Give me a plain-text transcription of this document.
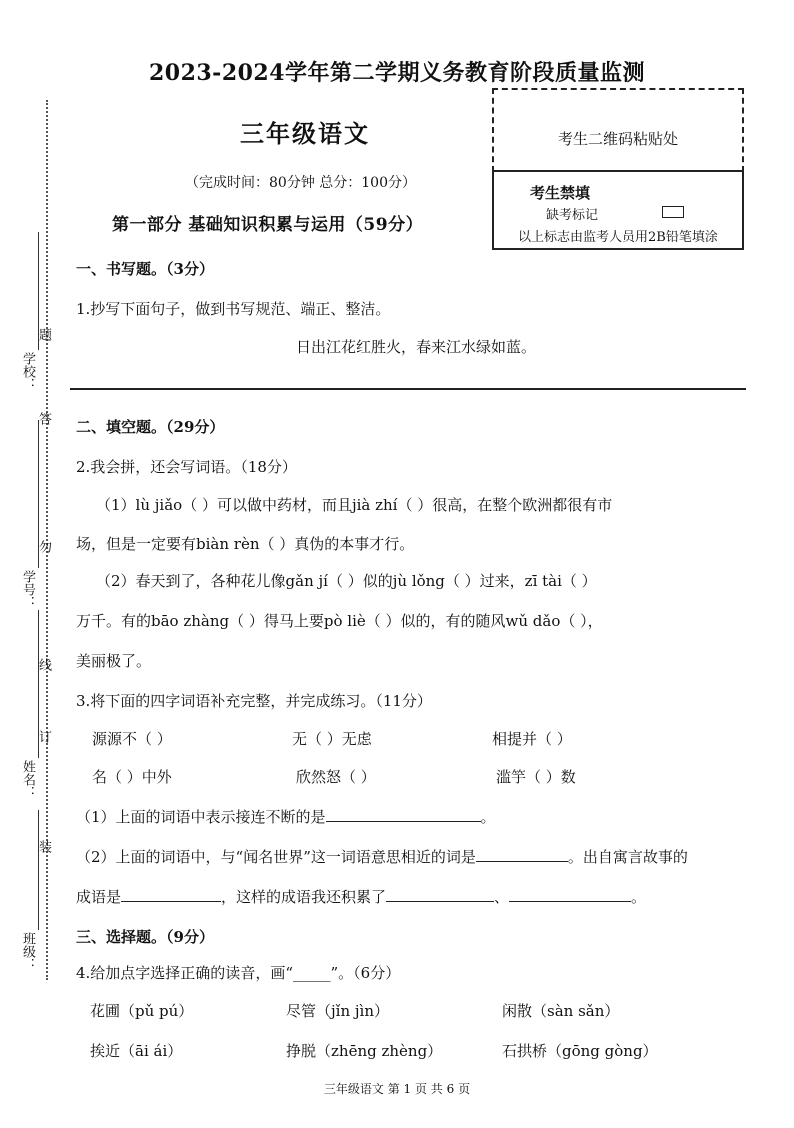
2023-2024学年第二学期义务教育阶段质量监测
三年级语文
（完成时间：80分钟 总分：100分）
第一部分 基础知识积累与运用（59分）
考生二维码粘贴处
考生禁填
缺考标记
以上标志由监考人员用2B铅笔填涂
学校：
学号：
姓名：
班级：
题
答
勿
线
订
装
一、书写题。（3分）
1.抄写下面句子，做到书写规范、端正、整洁。
日出江花红胜火，春来江水绿如蓝。
二、填空题。（29分）
2.我会拼，还会写词语。（18分）
（1）lù jiǎo（ ）可以做中药材，而且jià zhí（ ）很高，在整个欧洲都很有市
场，但是一定要有biàn rèn（ ）真伪的本事才行。
（2）春天到了，各种花儿像gǎn jí（ ）似的jù lǒng（ ）过来，zī tài（ ）
万千。有的bāo zhàng（ ）得马上要pò liè（ ）似的，有的随风wǔ dǎo（ ），
美丽极了。
3.将下面的四字词语补充完整，并完成练习。（11分）
源源不（ ）	无（ ）无虑	相提并（ ）
名（ ）中外	欣然怒（ ）	滥竽（ ）数
（1）上面的词语中表示接连不断的是	。
（2）上面的词语中，与“闻名世界”这一词语意思相近的词是	。出自寓言故事的
成语是	，这样的成语我还积累了	、	。
三、选择题。（9分）
4.给加点字选择正确的读音，画“_____”。（6分）
花圃（pǔ pú）	尽管（jǐn jìn）	闲散（sàn sǎn）
挨近（āi ái）	挣脱（zhēng zhèng）	石拱桥（gōng gòng）
三年级语文 第 1 页 共 6 页
